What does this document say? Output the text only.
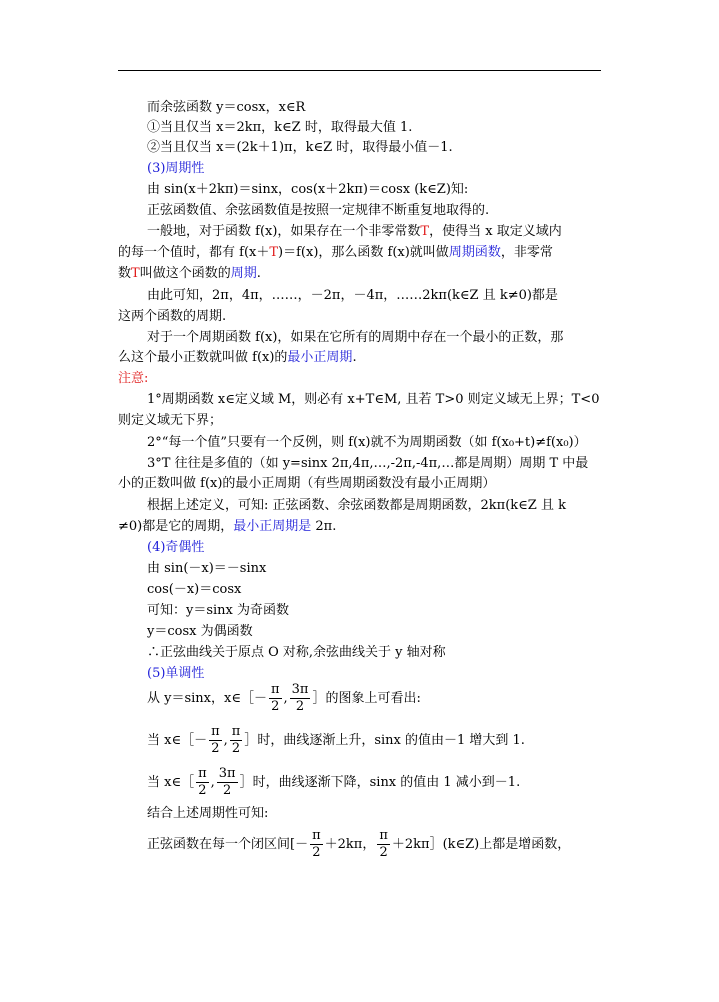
而余弦函数 y＝cosx，x∈R
①当且仅当 x＝2kπ，k∈Z 时，取得最大值 1.
②当且仅当 x＝(2k＋1)π，k∈Z 时，取得最小值－1.
(3)周期性
由 sin(x＋2kπ)＝sinx，cos(x＋2kπ)＝cosx (k∈Z)知:
正弦函数值、余弦函数值是按照一定规律不断重复地取得的.
一般地，对于函数 f(x)，如果存在一个非零常数T，使得当 x 取定义域内
的每一个值时，都有 f(x＋T)＝f(x)，那么函数 f(x)就叫做周期函数，非零常
数T叫做这个函数的周期.
由此可知，2π，4π，……，－2π，－4π，……2kπ(k∈Z 且 k≠0)都是
这两个函数的周期.
对于一个周期函数 f(x)，如果在它所有的周期中存在一个最小的正数，那
么这个最小正数就叫做 f(x)的最小正周期.
注意:
1°周期函数 x∈定义域 M，则必有 x+T∈M, 且若 T>0 则定义域无上界；T<0
则定义域无下界；
2°“每一个值”只要有一个反例，则 f(x)就不为周期函数（如 f(x₀+t)≠f(x₀)）
3°T 往往是多值的（如 y=sinx 2π,4π,…,-2π,-4π,…都是周期）周期 T 中最
小的正数叫做 f(x)的最小正周期（有些周期函数没有最小正周期）
根据上述定义，可知: 正弦函数、余弦函数都是周期函数，2kπ(k∈Z 且 k
≠0)都是它的周期，最小正周期是 2π.
(4)奇偶性
由 sin(－x)＝－sinx
cos(－x)＝cosx
可知：y＝sinx 为奇函数
y＝cosx 为偶函数
∴正弦曲线关于原点 O 对称,余弦曲线关于 y 轴对称
(5)单调性
从 y＝sinx，x∈［－ $\frac{\pi}{2}$ , $\frac{3\pi}{2}$ ］的图象上可看出:
当 x∈［－ $\frac{\pi}{2}$ , $\frac{\pi}{2}$ ］时，曲线逐渐上升，sinx 的值由－1 增大到 1.
当 x∈［ $\frac{\pi}{2}$ , $\frac{3\pi}{2}$ ］时，曲线逐渐下降，sinx 的值由 1 减小到－1.
结合上述周期性可知:
正弦函数在每一个闭区间[－ $\frac{\pi}{2} +2k\pi$， $\frac{\pi}{2}$ ＋2kπ］(k∈Z)上都是增函数，
